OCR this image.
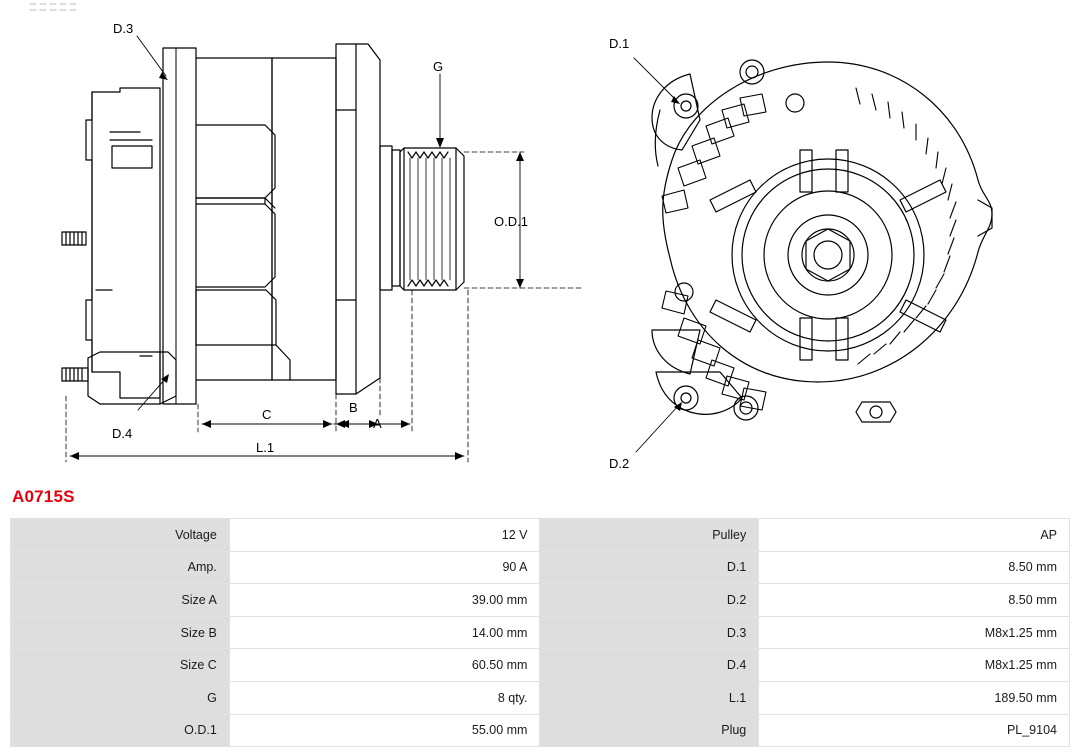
D.3
D.4
G
O.D.1
A
B
C
L.1
D.1
D.2
A0715S
Voltage	12 V	Pulley	AP
Amp.	90 A	D.1	8.50 mm
Size A	39.00 mm	D.2	8.50 mm
Size B	14.00 mm	D.3	M8x1.25 mm
Size C	60.50 mm	D.4	M8x1.25 mm
G	8 qty.	L.1	189.50 mm
O.D.1	55.00 mm	Plug	PL_9104
